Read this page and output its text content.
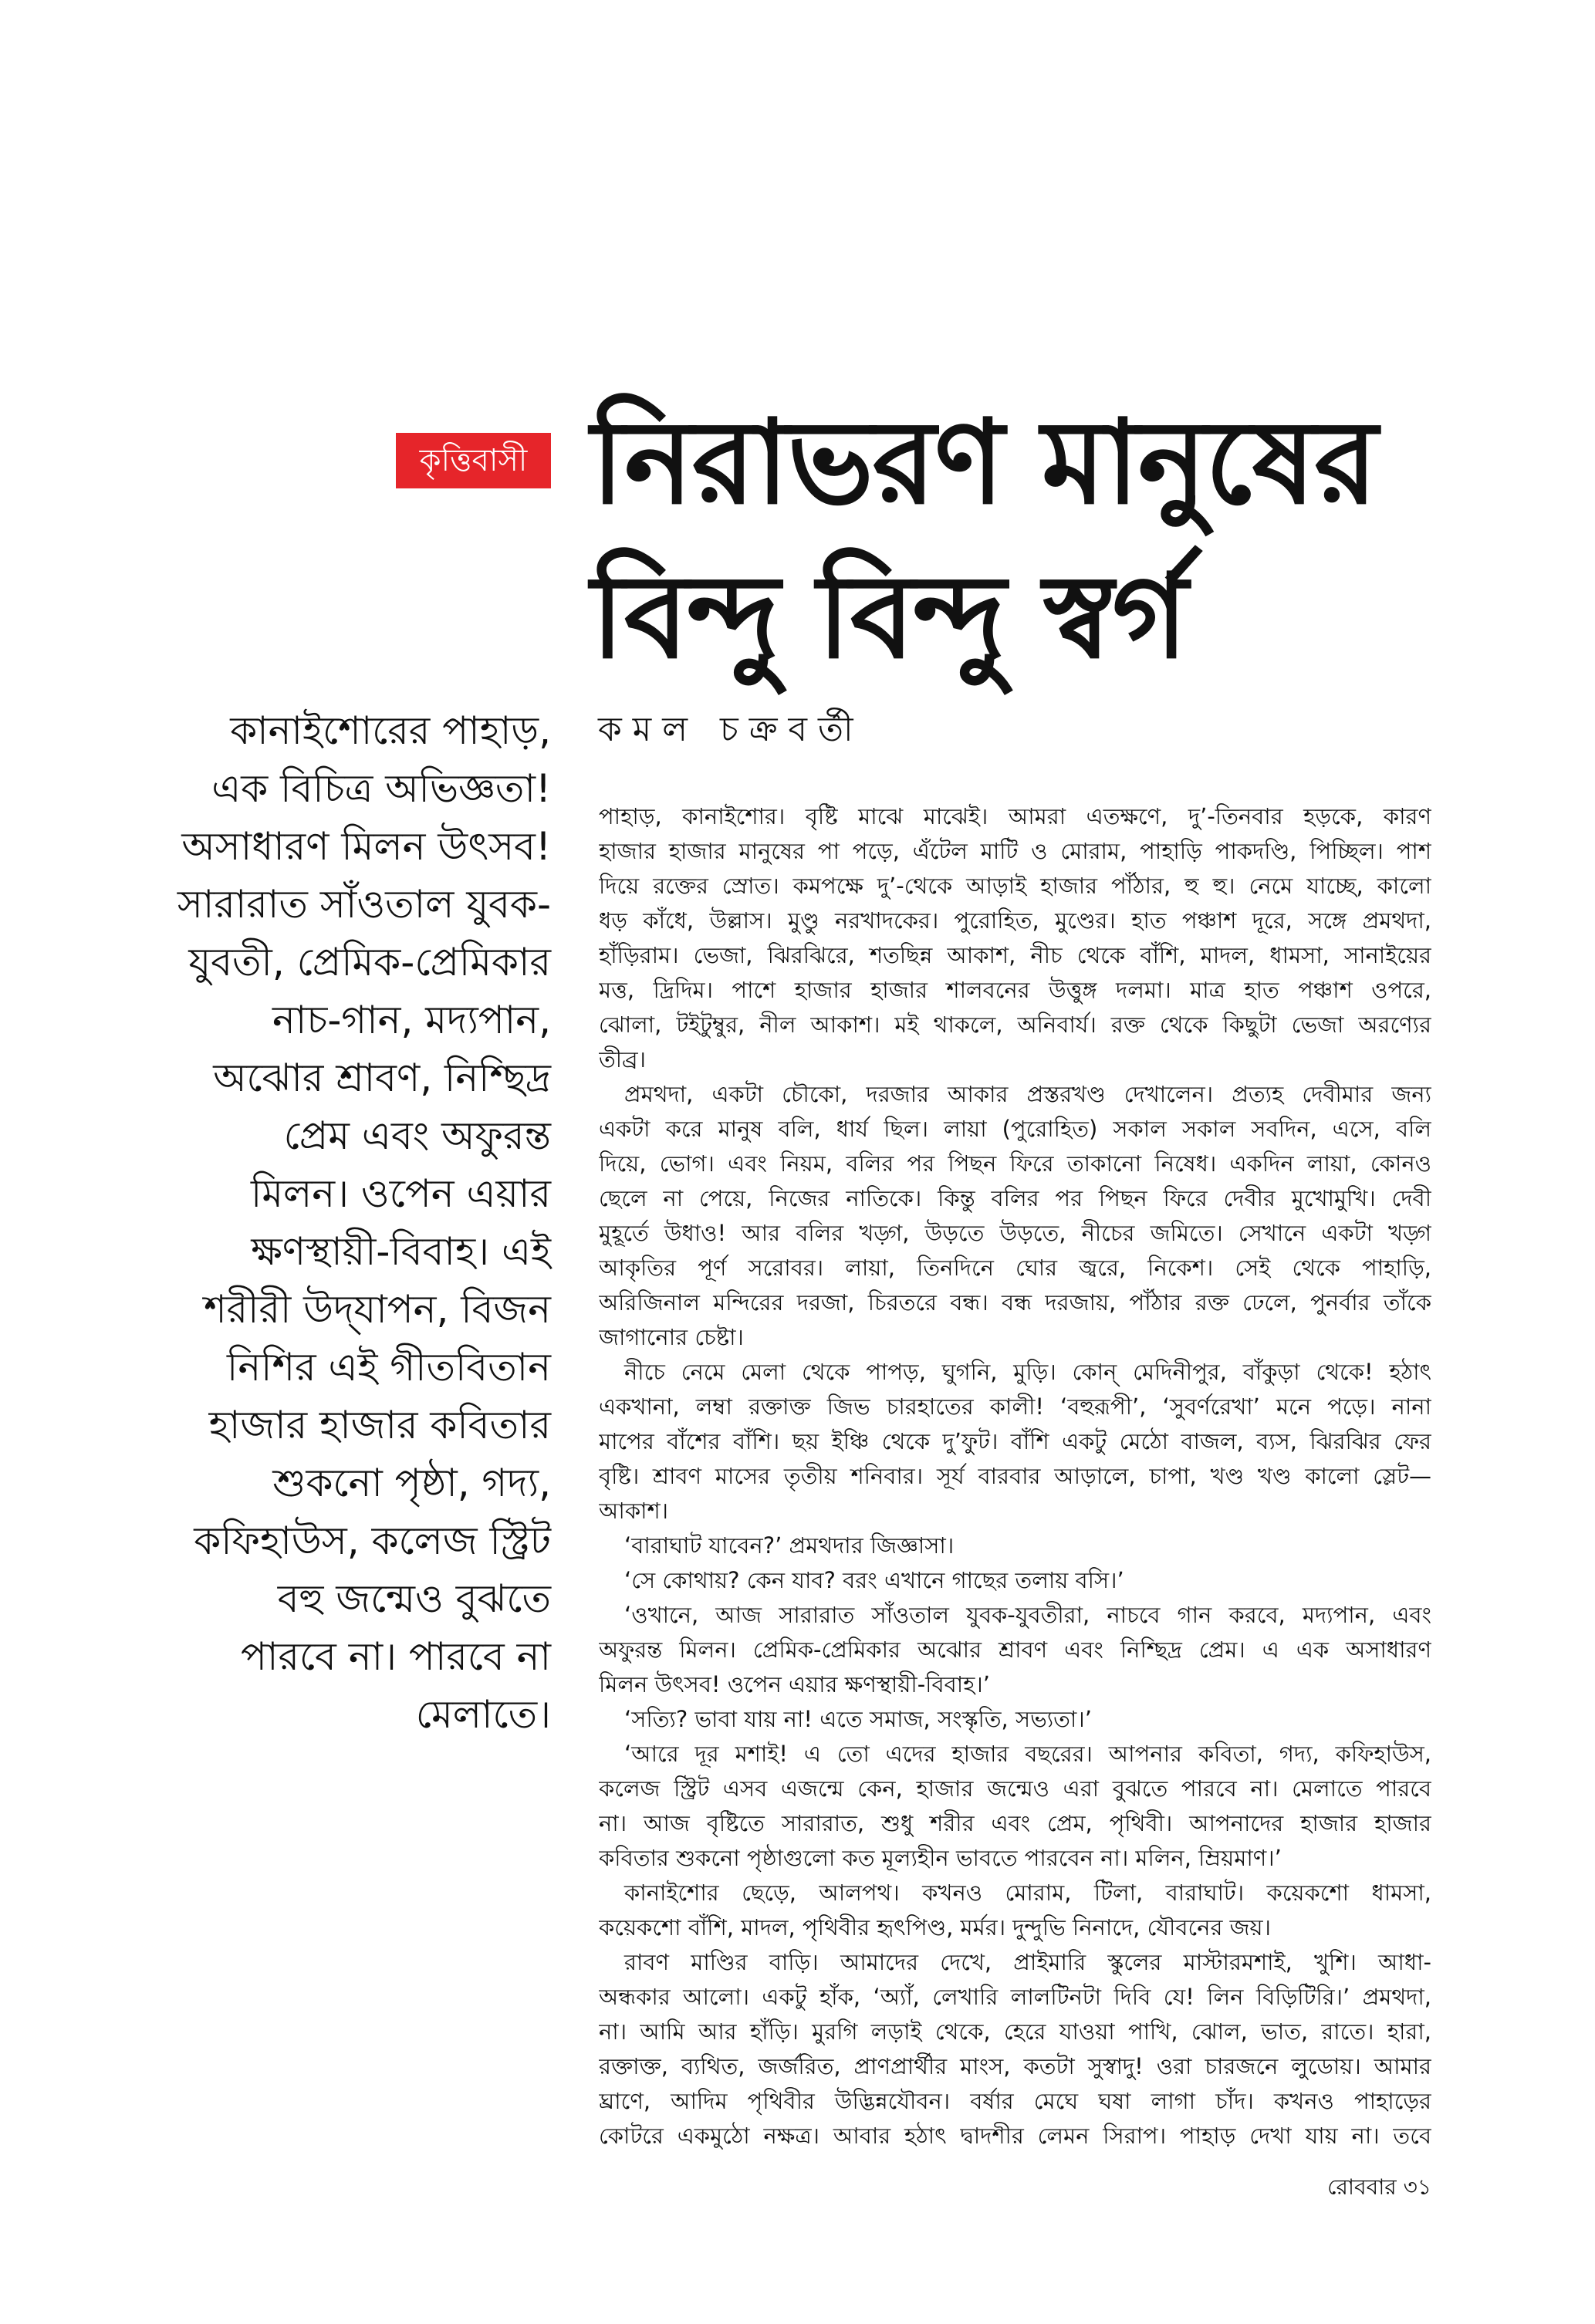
কৃত্তিবাসী নিরাভরণ মানুষের
বিন্দু বিন্দু স্বর্গ
কমল চক্রবর্তী
কানাইশোরের পাহাড়,
এক বিচিত্র অভিজ্ঞতা!
অসাধারণ মিলন উৎসব!
সারারাত সাঁওতাল যুবক-
যুবতী, প্রেমিক-প্রেমিকার
নাচ-গান, মদ্যপান,
অঝোর শ্রাবণ, নিশ্ছিদ্র
প্রেম এবং অফুরন্ত
মিলন। ওপেন এয়ার
ক্ষণস্থায়ী-বিবাহ। এই
শরীরী উদ্‌যাপন, বিজন
নিশির এই গীতবিতান
হাজার হাজার কবিতার
শুকনো পৃষ্ঠা, গদ্য,
কফিহাউস, কলেজ স্ট্রিট
বহু জন্মেও বুঝতে
পারবে না। পারবে না
মেলাতে।
পাহাড়, কানাইশোর। বৃষ্টি মাঝে মাঝেই। আমরা এতক্ষণে, দু’-তিনবার হড়কে, কারণ
হাজার হাজার মানুষের পা পড়ে, এঁটেল মাটি ও মোরাম, পাহাড়ি পাকদণ্ডি, পিচ্ছিল। পাশ
দিয়ে রক্তের স্রোত। কমপক্ষে দু’-থেকে আড়াই হাজার পাঁঠার, হু হু। নেমে যাচ্ছে, কালো
ধড় কাঁধে, উল্লাস। মুণ্ডু নরখাদকের। পুরোহিত, মুণ্ডের। হাত পঞ্চাশ দূরে, সঙ্গে প্রমথদা,
হাঁড়িরাম। ভেজা, ঝিরঝিরে, শতছিন্ন আকাশ, নীচ থেকে বাঁশি, মাদল, ধামসা, সানাইয়ের
মত্ত, দ্রিদিম। পাশে হাজার হাজার শালবনের উত্তুঙ্গ দলমা। মাত্র হাত পঞ্চাশ ওপরে,
ঝোলা, টইটুম্বুর, নীল আকাশ। মই থাকলে, অনিবার্য। রক্ত থেকে কিছুটা ভেজা অরণ্যের
তীব্র।
প্রমথদা, একটা চৌকো, দরজার আকার প্রস্তরখণ্ড দেখালেন। প্রত্যহ দেবীমার জন্য
একটা করে মানুষ বলি, ধার্য ছিল। লায়া (পুরোহিত) সকাল সকাল সবদিন, এসে, বলি
দিয়ে, ভোগ। এবং নিয়ম, বলির পর পিছন ফিরে তাকানো নিষেধ। একদিন লায়া, কোনও
ছেলে না পেয়ে, নিজের নাতিকে। কিন্তু বলির পর পিছন ফিরে দেবীর মুখোমুখি। দেবী
মুহূর্তে উধাও! আর বলির খড়্গ, উড়তে উড়তে, নীচের জমিতে। সেখানে একটা খড়্গ
আকৃতির পূর্ণ সরোবর। লায়া, তিনদিনে ঘোর জ্বরে, নিকেশ। সেই থেকে পাহাড়ি,
অরিজিনাল মন্দিরের দরজা, চিরতরে বন্ধ। বন্ধ দরজায়, পাঁঠার রক্ত ঢেলে, পুনর্বার তাঁকে
জাগানোর চেষ্টা।
নীচে নেমে মেলা থেকে পাপড়, ঘুগনি, মুড়ি। কোন্ মেদিনীপুর, বাঁকুড়া থেকে! হঠাৎ
একখানা, লম্বা রক্তাক্ত জিভ চারহাতের কালী! ‘বহুরূপী’, ‘সুবর্ণরেখা’ মনে পড়ে। নানা
মাপের বাঁশের বাঁশি। ছয় ইঞ্চি থেকে দু’ফুট। বাঁশি একটু মেঠো বাজল, ব্যস, ঝিরঝির ফের
বৃষ্টি। শ্রাবণ মাসের তৃতীয় শনিবার। সূর্য বারবার আড়ালে, চাপা, খণ্ড খণ্ড কালো স্লেট—
আকাশ।
‘বারাঘাট যাবেন?’ প্রমথদার জিজ্ঞাসা।
‘সে কোথায়? কেন যাব? বরং এখানে গাছের তলায় বসি।’
‘ওখানে, আজ সারারাত সাঁওতাল যুবক-যুবতীরা, নাচবে গান করবে, মদ্যপান, এবং
অফুরন্ত মিলন। প্রেমিক-প্রেমিকার অঝোর শ্রাবণ এবং নিশ্ছিদ্র প্রেম। এ এক অসাধারণ
মিলন উৎসব! ওপেন এয়ার ক্ষণস্থায়ী-বিবাহ।’
‘সত্যি? ভাবা যায় না! এতে সমাজ, সংস্কৃতি, সভ্যতা।’
‘আরে দূর মশাই! এ তো এদের হাজার বছরের। আপনার কবিতা, গদ্য, কফিহাউস,
কলেজ স্ট্রিট এসব এজন্মে কেন, হাজার জন্মেও এরা বুঝতে পারবে না। মেলাতে পারবে
না। আজ বৃষ্টিতে সারারাত, শুধু শরীর এবং প্রেম, পৃথিবী। আপনাদের হাজার হাজার
কবিতার শুকনো পৃষ্ঠাগুলো কত মূল্যহীন ভাবতে পারবেন না। মলিন, ম্রিয়মাণ।’
কানাইশোর ছেড়ে, আলপথ। কখনও মোরাম, টিলা, বারাঘাট। কয়েকশো ধামসা,
কয়েকশো বাঁশি, মাদল, পৃথিবীর হৃৎপিণ্ড, মর্মর। দুন্দুভি নিনাদে, যৌবনের জয়।
রাবণ মাণ্ডির বাড়ি। আমাদের দেখে, প্রাইমারি স্কুলের মাস্টারমশাই, খুশি। আধা-
অন্ধকার আলো। একটু হাঁক, ‘অ্যাঁ, লেখারি লালটিনটা দিবি যে! লিন বিড়িটিরি।’ প্রমথদা,
না। আমি আর হাঁড়ি। মুরগি লড়াই থেকে, হেরে যাওয়া পাখি, ঝোল, ভাত, রাতে। হারা,
রক্তাক্ত, ব্যথিত, জর্জরিত, প্রাণপ্রার্থীর মাংস, কতটা সুস্বাদু! ওরা চারজনে লুডোয়। আমার
ঘ্রাণে, আদিম পৃথিবীর উদ্ভিন্নযৌবন। বর্ষার মেঘে ঘষা লাগা চাঁদ। কখনও পাহাড়ের
কোটরে একমুঠো নক্ষত্র। আবার হঠাৎ দ্বাদশীর লেমন সিরাপ। পাহাড় দেখা যায় না। তবে
রোববার ৩১
